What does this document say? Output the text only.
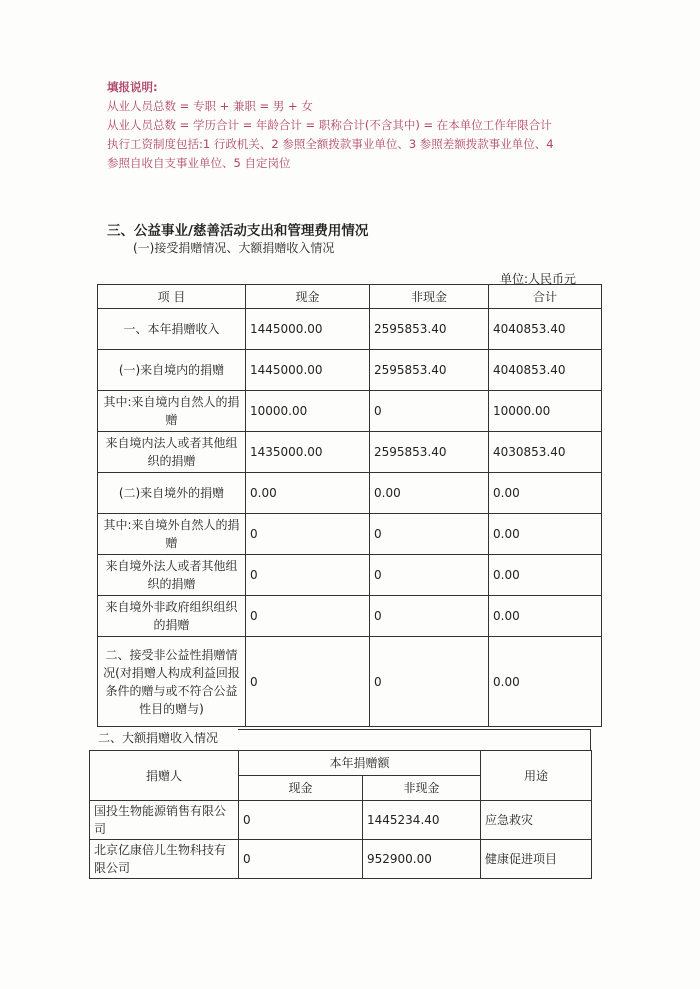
填报说明:
从业人员总数 = 专职 + 兼职 = 男 + 女
从业人员总数 = 学历合计 = 年龄合计 = 职称合计(不含其中) = 在本单位工作年限合计
执行工资制度包括:1 行政机关、2 参照全额拨款事业单位、3 参照差额拨款事业单位、4
参照自收自支事业单位、5 自定岗位
三、公益事业/慈善活动支出和管理费用情况
(一)接受捐赠情况、大额捐赠收入情况
单位:人民币元
项 目	现金	非现金	合计
一、本年捐赠收入	1445000.00	2595853.40	4040853.40
(一)来自境内的捐赠	1445000.00	2595853.40	4040853.40
其中:来自境内自然人的捐赠	10000.00	0	10000.00
来自境内法人或者其他组织的捐赠	1435000.00	2595853.40	4030853.40
(二)来自境外的捐赠	0.00	0.00	0.00
其中:来自境外自然人的捐赠	0	0	0.00
来自境外法人或者其他组织的捐赠	0	0	0.00
来自境外非政府组织组织的捐赠	0	0	0.00
二、接受非公益性捐赠情况(对捐赠人构成利益回报条件的赠与或不符合公益性目的赠与)	0	0	0.00
二、大额捐赠收入情况
捐赠人	本年捐赠额		用途
	现金	非现金	
国投生物能源销售有限公司	0	1445234.40	应急救灾
北京亿康倍儿生物科技有限公司	0	952900.00	健康促进项目
